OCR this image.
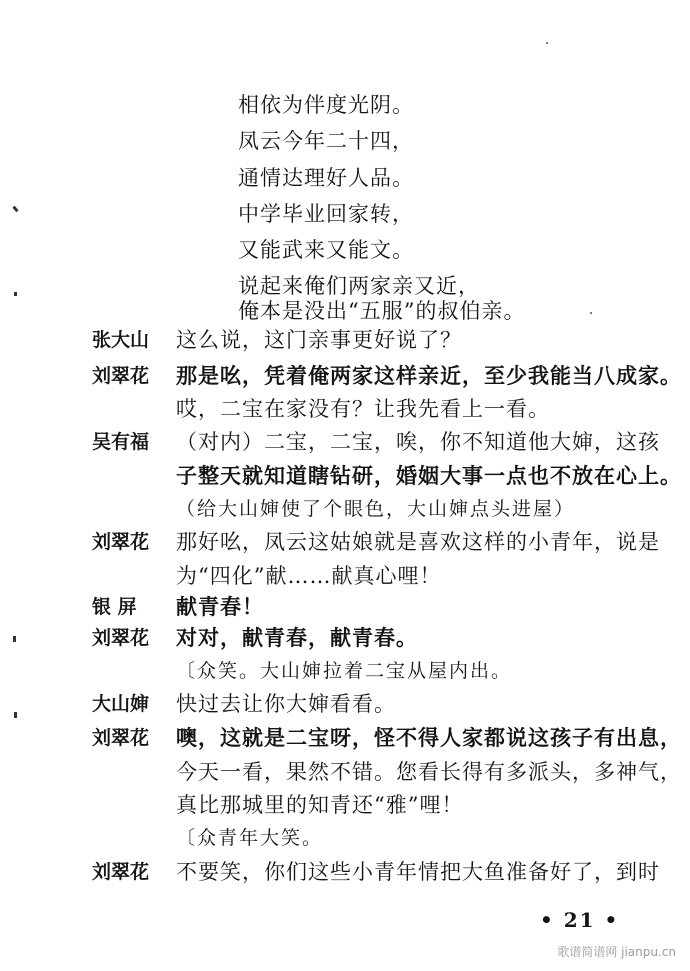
相依为伴度光阴。
凤云今年二十四，
通情达理好人品。
中学毕业回家转，
又能武来又能文。
说起来俺们两家亲又近，
俺本是没出“五服”的叔伯亲。
张大山	这么说，这门亲事更好说了？
刘翠花	那是吆，凭着俺两家这样亲近，至少我能当八成家。
哎，二宝在家没有？让我先看上一看。
吴有福	（对内）二宝，二宝，唉，你不知道他大婶，这孩
子整天就知道瞎钻研，婚姻大事一点也不放在心上。
（给大山婶使了个眼色，大山婶点头进屋）
刘翠花	那好吆，凤云这姑娘就是喜欢这样的小青年，说是
为“四化”献……献真心哩！
银 屏	献青春！
刘翠花	对对，献青春，献青春。
〔众笑。大山婶拉着二宝从屋内出。
大山婶	快过去让你大婶看看。
刘翠花	噢，这就是二宝呀，怪不得人家都说这孩子有出息，
今天一看，果然不错。您看长得有多派头，多神气，
真比那城里的知青还“雅”哩！
〔众青年大笑。
刘翠花	不要笑，你们这些小青年情把大鱼准备好了，到时
• 21 •
歌谱简谱网 jianpu.cn
